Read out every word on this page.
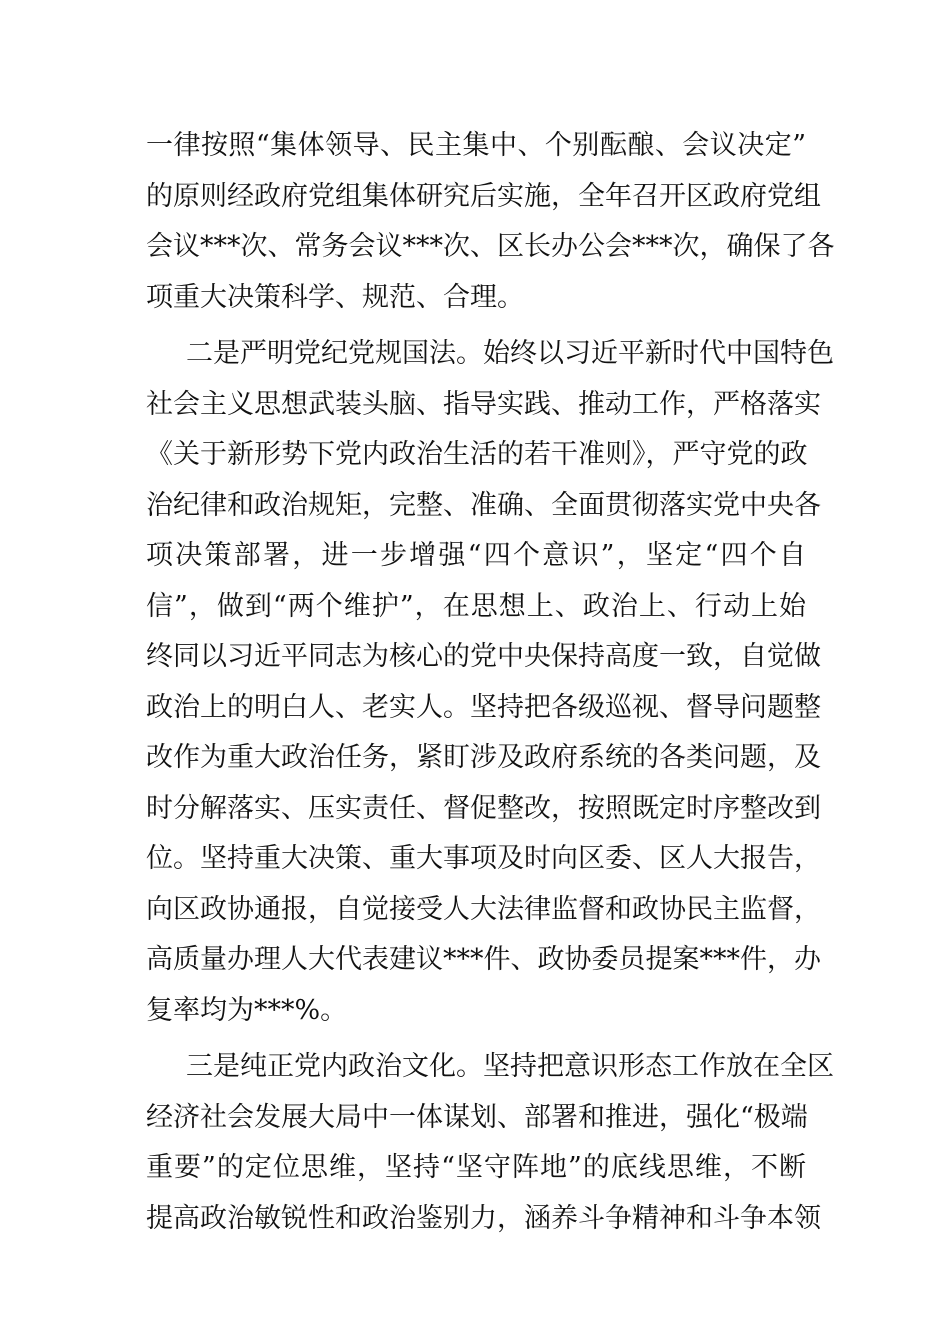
一律按照“集体领导、民主集中、个别酝酿、会议决定”
的原则经政府党组集体研究后实施，全年召开区政府党组
会议***次、常务会议***次、区长办公会***次，确保了各
项重大决策科学、规范、合理。
二是严明党纪党规国法。始终以习近平新时代中国特色
社会主义思想武装头脑、指导实践、推动工作，严格落实
《关于新形势下党内政治生活的若干准则》，严守党的政
治纪律和政治规矩，完整、准确、全面贯彻落实党中央各
项决策部署，进一步增强“四个意识”，坚定“四个自
信”，做到“两个维护”，在思想上、政治上、行动上始
终同以习近平同志为核心的党中央保持高度一致，自觉做
政治上的明白人、老实人。坚持把各级巡视、督导问题整
改作为重大政治任务，紧盯涉及政府系统的各类问题，及
时分解落实、压实责任、督促整改，按照既定时序整改到
位。坚持重大决策、重大事项及时向区委、区人大报告，
向区政协通报，自觉接受人大法律监督和政协民主监督，
高质量办理人大代表建议***件、政协委员提案***件，办
复率均为***%。
三是纯正党内政治文化。坚持把意识形态工作放在全区
经济社会发展大局中一体谋划、部署和推进，强化“极端
重要”的定位思维，坚持“坚守阵地”的底线思维，不断
提高政治敏锐性和政治鉴别力，涵养斗争精神和斗争本领
